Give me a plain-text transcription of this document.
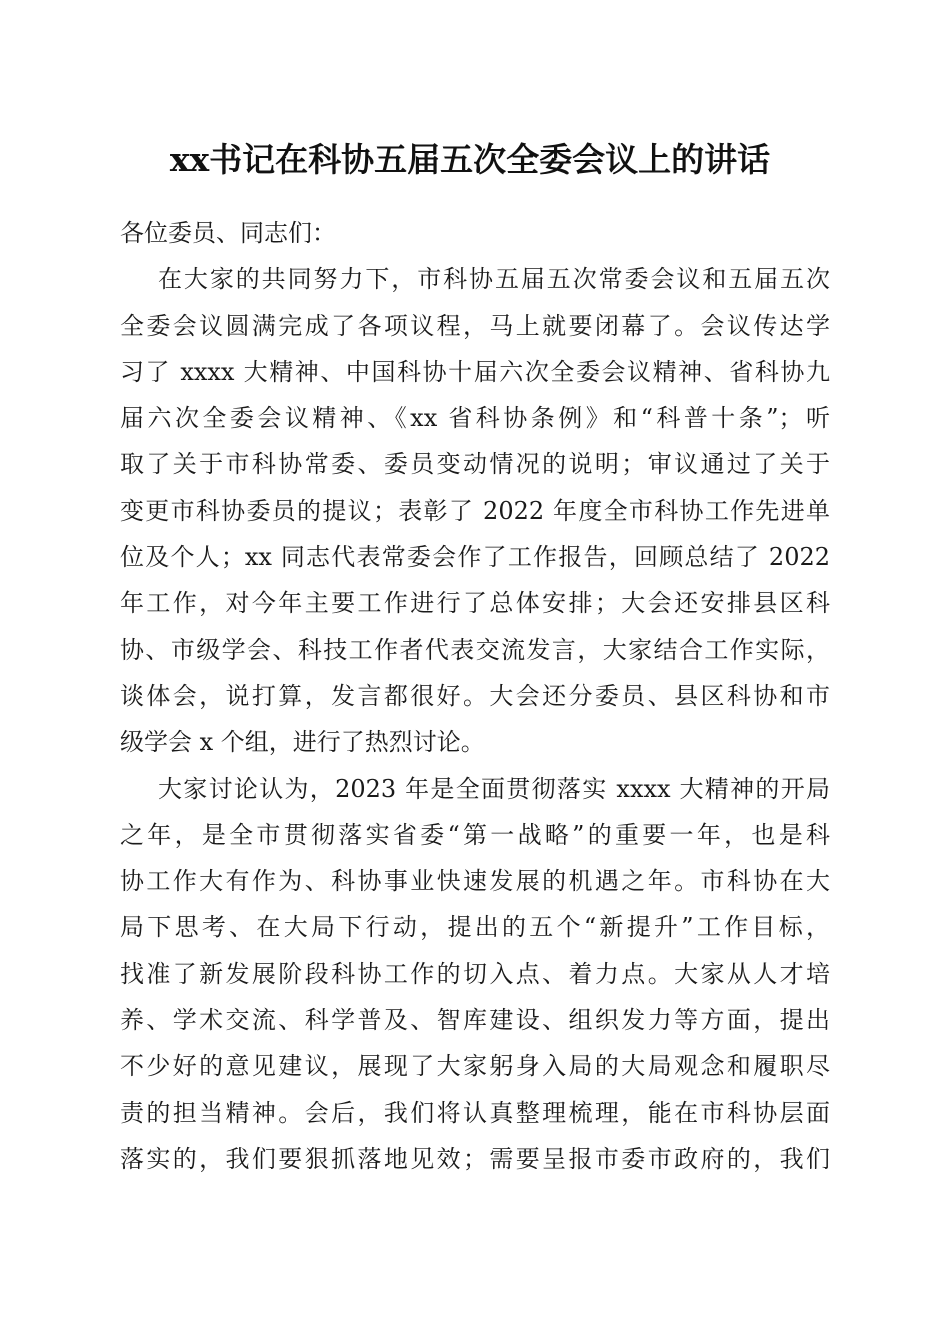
xx书记在科协五届五次全委会议上的讲话
各位委员、同志们：
在大家的共同努力下，市科协五届五次常委会议和五届五次
全委会议圆满完成了各项议程，马上就要闭幕了。会议传达学
习了 xxxx 大精神、中国科协十届六次全委会议精神、省科协九
届六次全委会议精神、《xx 省科协条例》和“科普十条”；听
取了关于市科协常委、委员变动情况的说明；审议通过了关于
变更市科协委员的提议；表彰了 2022 年度全市科协工作先进单
位及个人；xx 同志代表常委会作了工作报告，回顾总结了 2022
年工作，对今年主要工作进行了总体安排；大会还安排县区科
协、市级学会、科技工作者代表交流发言，大家结合工作实际，
谈体会，说打算，发言都很好。大会还分委员、县区科协和市
级学会 x 个组，进行了热烈讨论。
大家讨论认为，2023 年是全面贯彻落实 xxxx 大精神的开局
之年，是全市贯彻落实省委“第一战略”的重要一年，也是科
协工作大有作为、科协事业快速发展的机遇之年。市科协在大
局下思考、在大局下行动，提出的五个“新提升”工作目标，
找准了新发展阶段科协工作的切入点、着力点。大家从人才培
养、学术交流、科学普及、智库建设、组织发力等方面，提出
不少好的意见建议，展现了大家躬身入局的大局观念和履职尽
责的担当精神。会后，我们将认真整理梳理，能在市科协层面
落实的，我们要狠抓落地见效；需要呈报市委市政府的，我们
